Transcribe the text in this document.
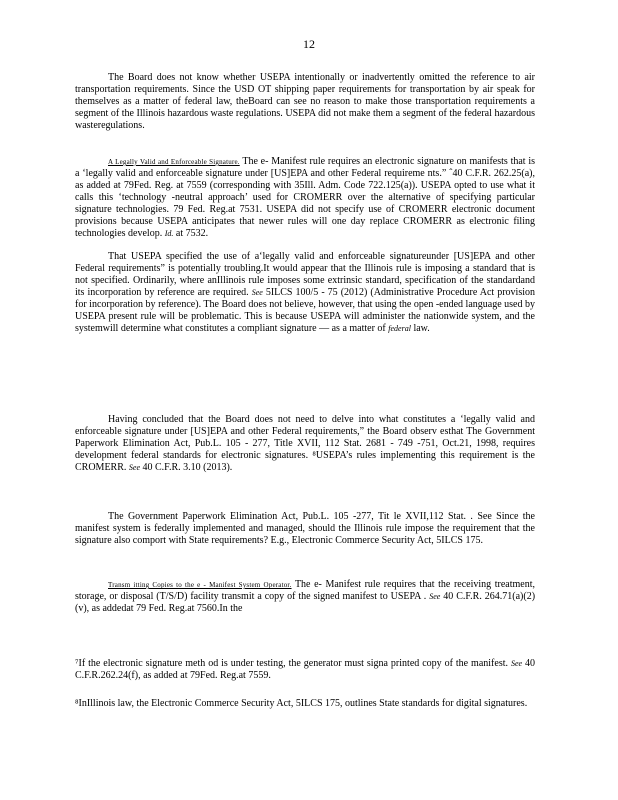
12

The Board does not know whether USEPA intentionally or inadvertently omitted the reference to air transportation requirements. Since the USD OT shipping paper requirements for transportation by air speak for themselves as a matter of federal law, theBoard can see no reason to make those transportation requirements a segment of the Illinois hazardous waste regulations. USEPA did not make them a segment of the federal hazardous wasteregulations.

A Legally Valid and Enforceable Signature. The e- Manifest rule requires an electronic signature on manifests that is a ‘legally valid and enforceable signature under [US]EPA and other Federal requireme nts.” ˆ40 C.F.R. 262.25(a), as added at 79Fed. Reg. at 7559 (corresponding with 35Ill. Adm. Code 722.125(a)). USEPA opted to use what it calls this ‘technology -neutral approach’ used for CROMERR over the alternative of specifying particular signature technologies. 79 Fed. Reg.at 7531. USEPA did not specify use of CROMERR electronic document provisions because USEPA anticipates that newer rules will one day replace CROMERR as electronic filing technologies develop. Id. at 7532.

That USEPA specified the use of a‘legally valid and enforceable signatureunder [US]EPA and other Federal requirements” is potentially troubling.It would appear that the Illinois rule is imposing a standard that is not specified. Ordinarily, where anIllinois rule imposes some extrinsic standard, specification of the standardand its incorporation by reference are required. See 5ILCS 100/5 - 75 (2012) (Administrative Procedure Act provision for incorporation by reference). The Board does not believe, however, that using the open -ended language used by USEPA present rule will be problematic. This is because USEPA will administer the nationwide system, and the systemwill determine what constitutes a compliant signature — as a matter of federal law.

Having concluded that the Board does not need to delve into what constitutes a ‘legally valid and enforceable signature under [US]EPA and other Federal requirements,” the Board observ esthat The Government Paperwork Elimination Act, Pub.L. 105 - 277, Title XVII, 112 Stat. 2681 - 749 -751, Oct.21, 1998, requires development federal standards for electronic signatures. ⁸USEPA’s rules implementing this requirement is the CROMERR. See 40 C.F.R. 3.10 (2013).

The Government Paperwork Elimination Act, Pub.L. 105 -277, Tit le XVII,112 Stat. . See Since the manifest system is federally implemented and managed, should the Illinois rule impose the requirement that the signature also comport with State requirements? E.g., Electronic Commerce Security Act, 5ILCS 175.

Transm itting Copies to the e - Manifest System Operator. The e- Manifest rule requires that the receiving treatment, storage, or disposal (T/S/D) facility transmit a copy of the signed manifest to USEPA . See 40 C.F.R. 264.71(a)(2)(v), as addedat 79 Fed. Reg.at 7560.In the

⁷If the electronic signature meth od is under testing, the generator must signa printed copy of the manifest. See 40 C.F.R.262.24(f), as added at 79Fed. Reg.at 7559.

⁸InIllinois law, the Electronic Commerce Security Act, 5ILCS 175, outlines State standards for digital signatures.
